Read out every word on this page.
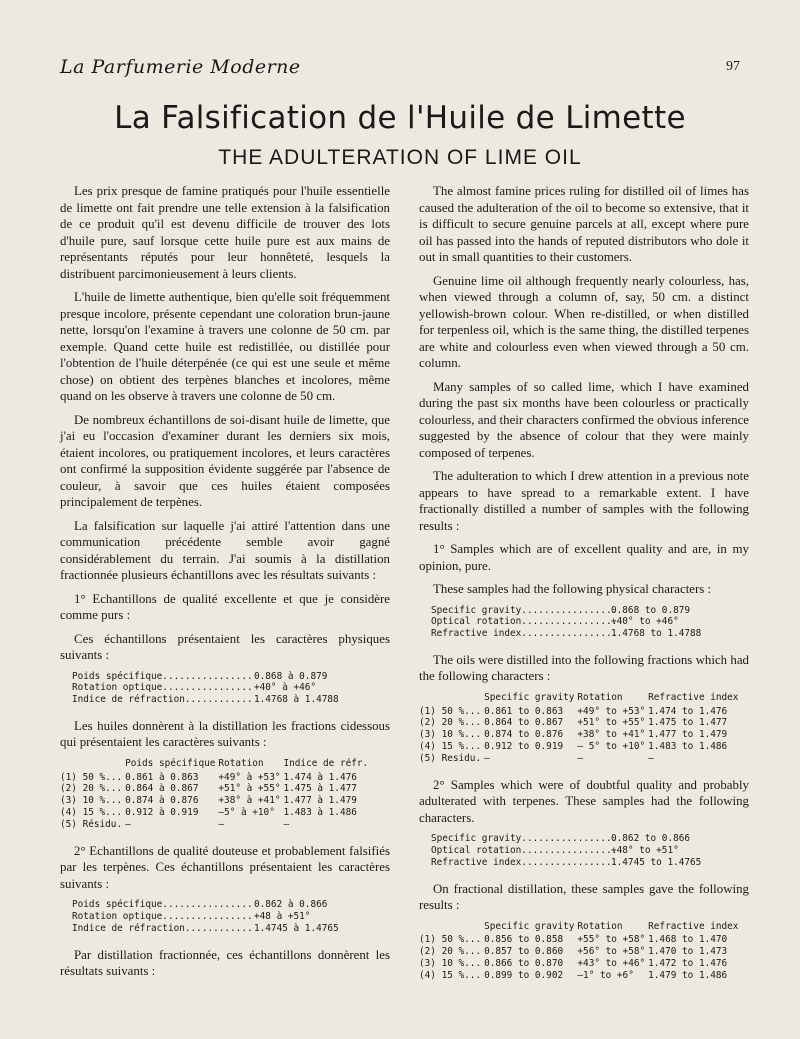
La Parfumerie Moderne	97
La Falsification de l'Huile de Limette
THE ADULTERATION OF LIME OIL

Les prix presque de famine pratiqués pour l'huile essentielle de limette ont fait prendre une telle extension à la falsification de ce produit qu'il est devenu difficile de trouver des lots d'huile pure, sauf lorsque cette huile pure est aux mains de représentants réputés pour leur honnêteté, lesquels la distribuent parcimonieusement à leurs clients.

L'huile de limette authentique, bien qu'elle soit fréquemment presque incolore, présente cependant une coloration brun-jaune nette, lorsqu'on l'examine à travers une colonne de 50 cm. par exemple. Quand cette huile est redistillée, ou distillée pour l'obtention de l'huile déterpénée (ce qui est une seule et même chose) on obtient des terpènes blanches et incolores, même quand on les observe à travers une colonne de 50 cm.

De nombreux échantillons de soi-disant huile de limette, que j'ai eu l'occasion d'examiner durant les derniers six mois, étaient incolores, ou pratiquement incolores, et leurs caractères ont confirmé la supposition évidente suggérée par l'absence de couleur, à savoir que ces huiles étaient composées principalement de terpènes.

La falsification sur laquelle j'ai attiré l'attention dans une communication précédente semble avoir gagné considérablement du terrain. J'ai soumis à la distillation fractionnée plusieurs échantillons avec les résultats suivants :

1° Echantillons de qualité excellente et que je considère comme purs :

Ces échantillons présentaient les caractères physiques suivants :

Poids spécifique................0.868 à 0.879
Rotation optique................+40° à +46°
Indice de réfraction............1.4768 à 1.4788

Les huiles donnèrent à la distillation les fractions cidessous qui présentaient les caractères suivants :

	Poids spécifique	Rotation	Indice de réfr.
(1) 50 %...	0.861 à 0.863	+49° à +53°	1.474 à 1.476
(2) 20 %...	0.864 à 0.867	+51° à +55°	1.475 à 1.477
(3) 10 %...	0.874 à 0.876	+38° à +41°	1.477 à 1.479
(4) 15 %...	0.912 à 0.919	—5° à +10°	1.483 à 1.486
(5) Résidu.	—	—	—

2° Echantillons de qualité douteuse et probablement falsifiés par les terpènes. Ces échantillons présentaient les caractères suivants :

Poids spécifique................0.862 à 0.866
Rotation optique................+48 à +51°
Indice de réfraction............1.4745 à 1.4765

Par distillation fractionnée, ces échantillons donnèrent les résultats suivants :

The almost famine prices ruling for distilled oil of limes has caused the adulteration of the oil to become so extensive, that it is difficult to secure genuine parcels at all, except where pure oil has passed into the hands of reputed distributors who dole it out in small quantities to their customers.

Genuine lime oil although frequently nearly colourless, has, when viewed through a column of, say, 50 cm. a distinct yellowish-brown colour. When re-distilled, or when distilled for terpenless oil, which is the same thing, the distilled terpenes are white and colourless even when viewed through a 50 cm. column.

Many samples of so called lime, which I have examined during the past six months have been colourless or practically colourless, and their characters confirmed the obvious inference suggested by the absence of colour that they were mainly composed of terpenes.

The adulteration to which I drew attention in a previous note appears to have spread to a remarkable extent. I have fractionally distilled a number of samples with the following results :

1° Samples which are of excellent quality and are, in my opinion, pure.

These samples had the following physical characters :

Specific gravity.................0.868 to 0.879
Optical rotation.................+40° to +46°
Refractive index.................1.4768 to 1.4788

The oils were distilled into the following fractions which had the following characters :

	Specific gravity	Rotation	Refractive index
(1) 50 %...	0.861 to 0.863	+49° to +53°	1.474 to 1.476
(2) 20 %...	0.864 to 0.867	+51° to +55°	1.475 to 1.477
(3) 10 %...	0.874 to 0.876	+38° to +41°	1.477 to 1.479
(4) 15 %...	0.912 to 0.919	— 5° to +10°	1.483 to 1.486
(5) Residu.	—	—	—

2° Samples which were of doubtful quality and probably adulterated with terpenes. These samples had the following characters.

Specific gravity.................0.862 to 0.866
Optical rotation.................+48° to +51°
Refractive index.................1.4745 to 1.4765

On fractional distillation, these samples gave the following results :

	Specific gravity	Rotation	Refractive index
(1) 50 %...	0.856 to 0.858	+55° to +58°	1.468 to 1.470
(2) 20 %...	0.857 to 0.860	+56° to +58°	1.470 to 1.473
(3) 10 %...	0.866 to 0.870	+43° to +46°	1.472 to 1.476
(4) 15 %...	0.899 to 0.902	—1° to +6°	1.479 to 1.486
